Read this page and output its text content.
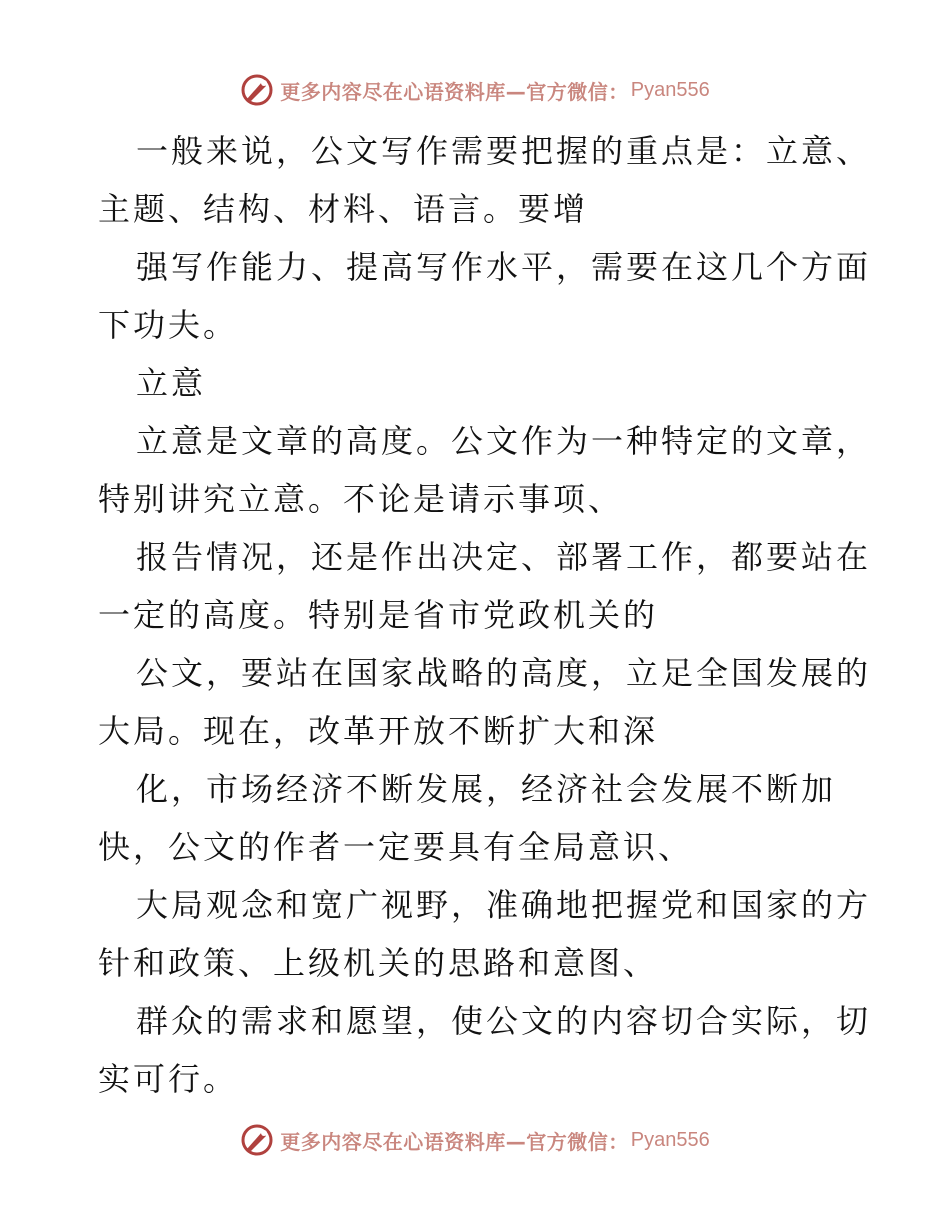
更多内容尽在心语资料库—官方微信： Pyan556
一般来说，公文写作需要把握的重点是：立意、
主题、结构、材料、语言。要增
强写作能力、提高写作水平，需要在这几个方面
下功夫。
立意
立意是文章的高度。公文作为一种特定的文章，
特别讲究立意。不论是请示事项、
报告情况，还是作出决定、部署工作，都要站在
一定的高度。特别是省市党政机关的
公文，要站在国家战略的高度，立足全国发展的
大局。现在，改革开放不断扩大和深
化，市场经济不断发展，经济社会发展不断加
快，公文的作者一定要具有全局意识、
大局观念和宽广视野，准确地把握党和国家的方
针和政策、上级机关的思路和意图、
群众的需求和愿望，使公文的内容切合实际，切
实可行。
更多内容尽在心语资料库—官方微信： Pyan556
